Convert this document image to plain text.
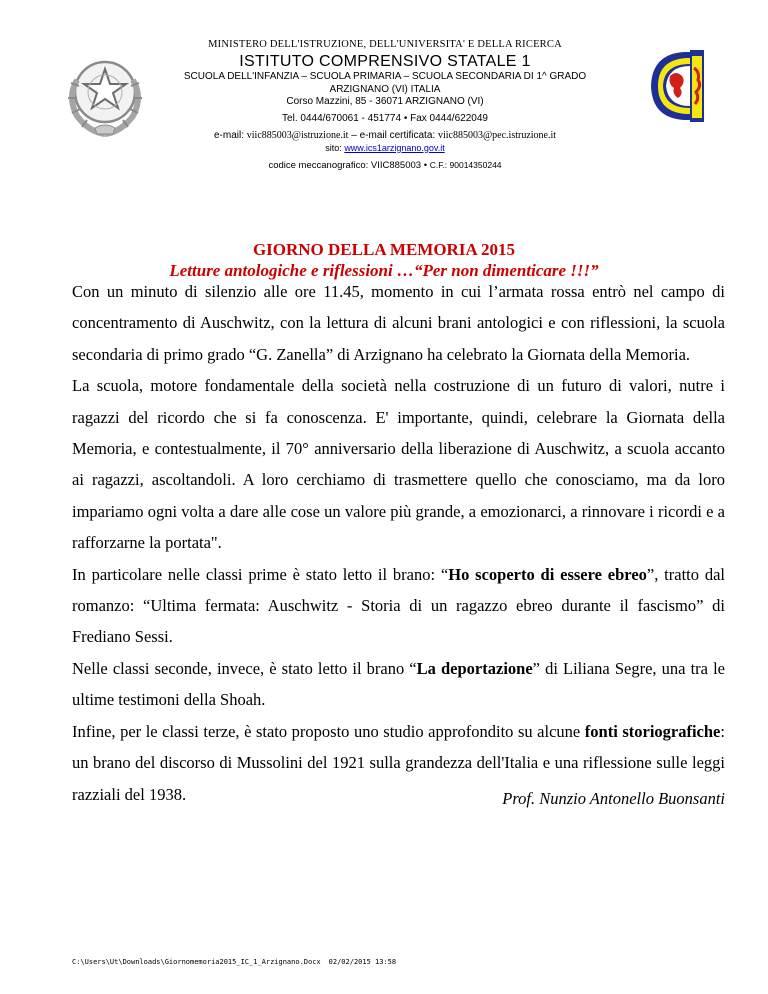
MINISTERO DELL'ISTRUZIONE, DELL'UNIVERSITA' E DELLA RICERCA
ISTITUTO COMPRENSIVO STATALE 1
SCUOLA DELL'INFANZIA – SCUOLA PRIMARIA – SCUOLA SECONDARIA DI 1^ GRADO
ARZIGNANO (VI) ITALIA
Corso Mazzini, 85 - 36071 ARZIGNANO (VI)
Tel. 0444/670061 - 451774 • Fax 0444/622049
e-mail: viic885003@istruzione.it – e-mail certificata: viic885003@pec.istruzione.it
sito: www.ics1arzignano.gov.it
codice meccanografico: VIIC885003 • C.F.: 90014350244
GIORNO DELLA MEMORIA 2015
Letture antologiche e riflessioni …“Per non dimenticare !!!”

Con un minuto di silenzio alle ore 11.45, momento in cui l’armata rossa entrò nel campo di concentramento di Auschwitz, con la lettura di alcuni brani antologici e con riflessioni, la scuola secondaria di primo grado “G. Zanella” di Arzignano ha celebrato la Giornata della Memoria.

La scuola, motore fondamentale della società nella costruzione di un futuro di valori, nutre i ragazzi del ricordo che si fa conoscenza. E' importante, quindi, celebrare la Giornata della Memoria, e contestualmente, il 70° anniversario della liberazione di Auschwitz, a scuola accanto ai ragazzi, ascoltandoli. A loro cerchiamo di trasmettere quello che conosciamo, ma da loro impariamo ogni volta a dare alle cose un valore più grande, a emozionarci, a rinnovare i ricordi e a rafforzarne la portata".

In particolare nelle classi prime è stato letto il brano: “Ho scoperto di essere ebreo”, tratto dal romanzo: “Ultima fermata: Auschwitz - Storia di un ragazzo ebreo durante il fascismo” di Frediano Sessi.

Nelle classi seconde, invece, è stato letto il brano “La deportazione” di Liliana Segre, una tra le ultime testimoni della Shoah.

Infine, per le classi terze, è stato proposto uno studio approfondito su alcune fonti storiografiche: un brano del discorso di Mussolini del 1921 sulla grandezza dell'Italia e una riflessione sulle leggi razziali del 1938.	Prof. Nunzio Antonello Buonsanti
C:\Users\Ut\Downloads\Giornomemoria2015_IC_1_Arzignano.Docx 02/02/2015 13:58
